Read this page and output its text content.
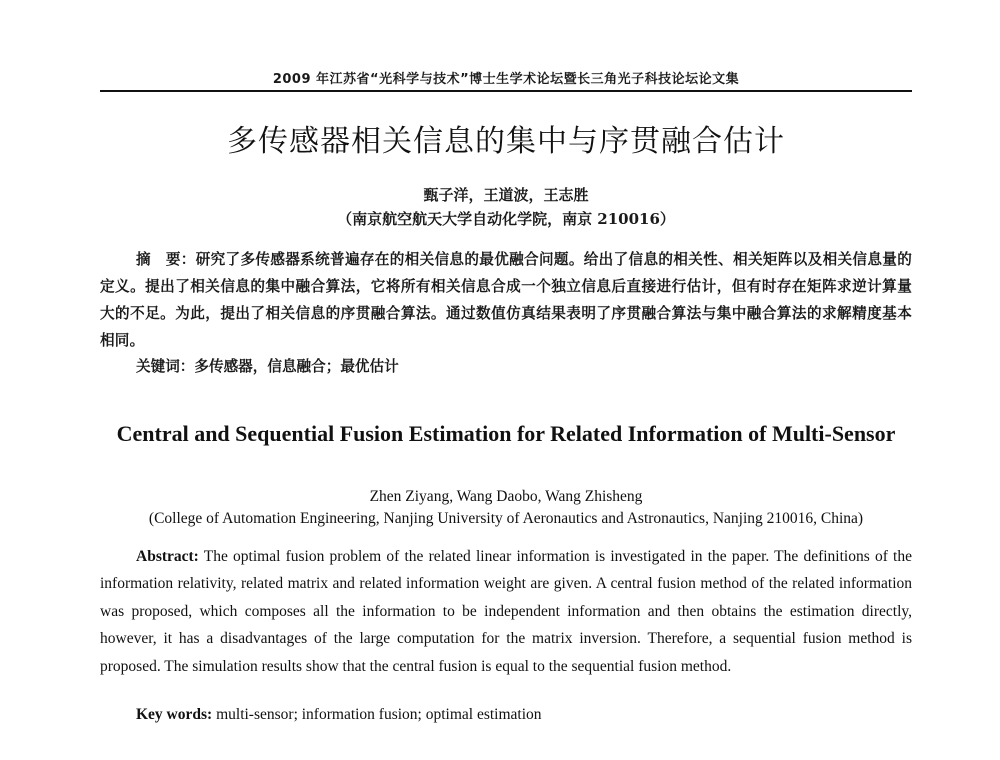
2009 年江苏省“光科学与技术”博士生学术论坛暨长三角光子科技论坛论文集
多传感器相关信息的集中与序贯融合估计
甄子洋，王道波，王志胜
（南京航空航天大学自动化学院，南京 210016）
摘　要：研究了多传感器系统普遍存在的相关信息的最优融合问题。给出了信息的相关性、相关矩阵以及相关信息量的定义。提出了相关信息的集中融合算法，它将所有相关信息合成一个独立信息后直接进行估计，但有时存在矩阵求逆计算量大的不足。为此，提出了相关信息的序贯融合算法。通过数值仿真结果表明了序贯融合算法与集中融合算法的求解精度基本相同。
关键词：多传感器，信息融合；最优估计
Central and Sequential Fusion Estimation for Related Information of Multi-Sensor
Zhen Ziyang, Wang Daobo, Wang Zhisheng
(College of Automation Engineering, Nanjing University of Aeronautics and Astronautics, Nanjing 210016, China)
Abstract: The optimal fusion problem of the related linear information is investigated in the paper. The definitions of the information relativity, related matrix and related information weight are given. A central fusion method of the related information was proposed, which composes all the information to be independent information and then obtains the estimation directly, however, it has a disadvantages of the large computation for the matrix inversion. Therefore, a sequential fusion method is proposed. The simulation results show that the central fusion is equal to the sequential fusion method.
Key words: multi-sensor; information fusion; optimal estimation
